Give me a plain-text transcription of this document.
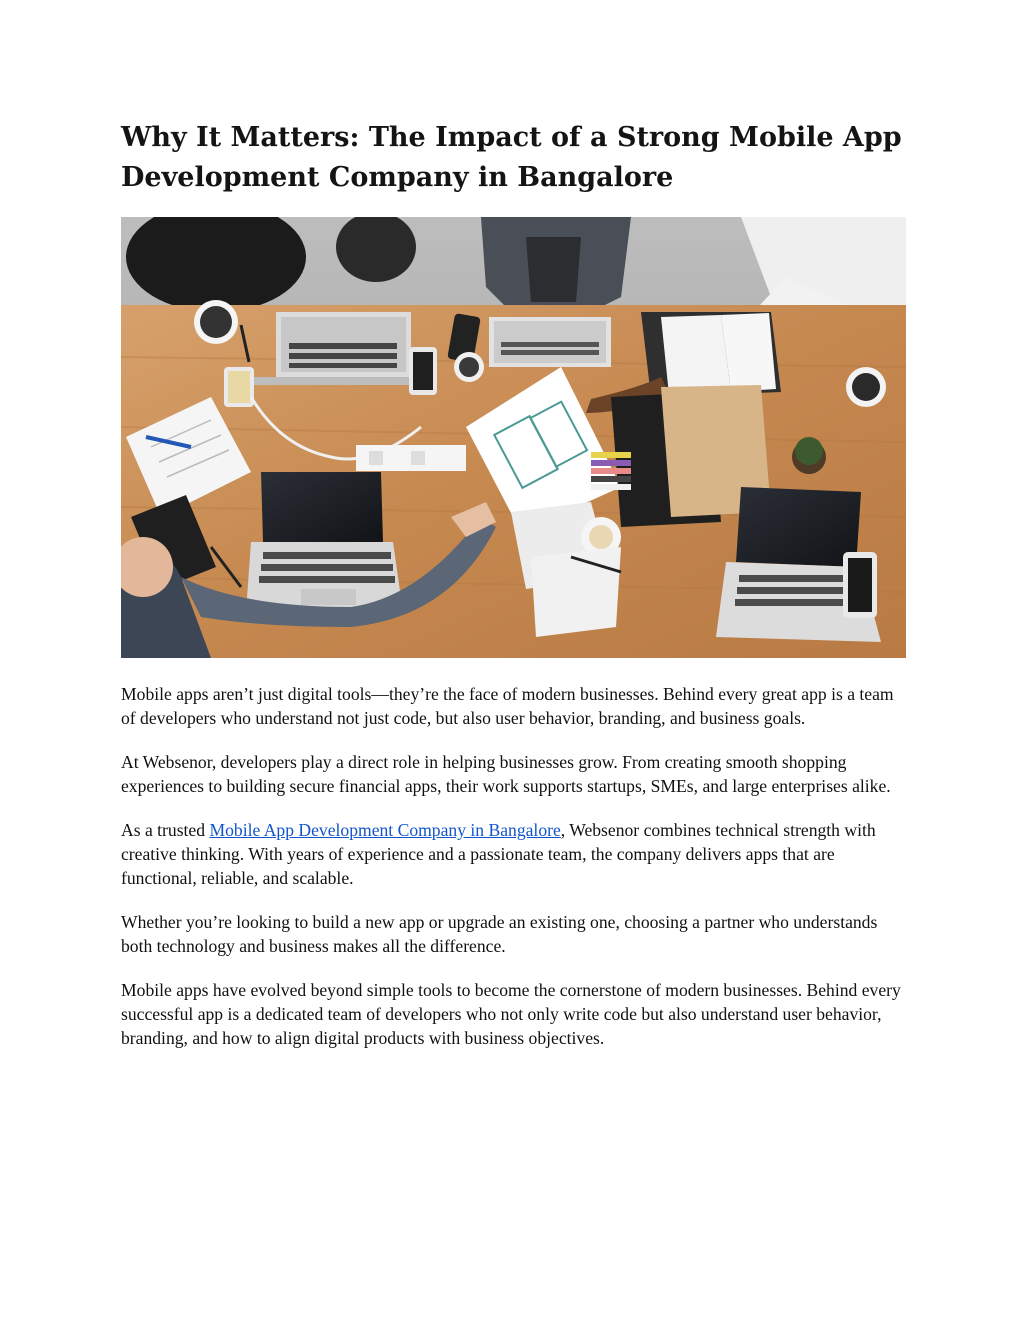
Why It Matters: The Impact of a Strong Mobile App Development Company in Bangalore

Mobile apps aren’t just digital tools—they’re the face of modern businesses. Behind every great app is a team of developers who understand not just code, but also user behavior, branding, and business goals.

At Websenor, developers play a direct role in helping businesses grow. From creating smooth shopping experiences to building secure financial apps, their work supports startups, SMEs, and large enterprises alike.

As a trusted Mobile App Development Company in Bangalore, Websenor combines technical strength with creative thinking. With years of experience and a passionate team, the company delivers apps that are functional, reliable, and scalable.

Whether you’re looking to build a new app or upgrade an existing one, choosing a partner who understands both technology and business makes all the difference.

Mobile apps have evolved beyond simple tools to become the cornerstone of modern businesses. Behind every successful app is a dedicated team of developers who not only write code but also understand user behavior, branding, and how to align digital products with business objectives.
